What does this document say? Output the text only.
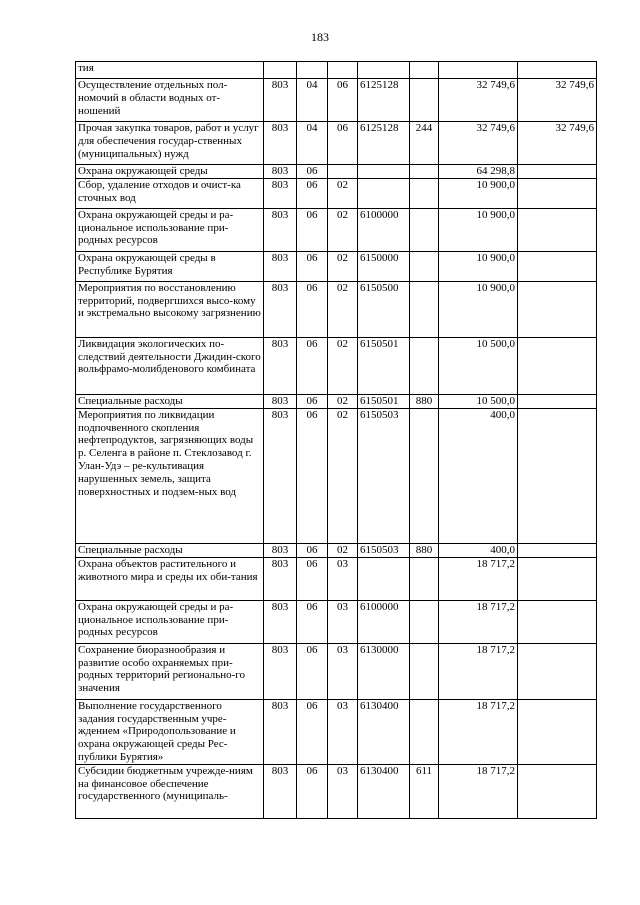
183
тия							
Осуществление отдельных пол-номочий в области водных от-ношений	803	04	06	6125128		32 749,6	32 749,6
Прочая закупка товаров, работ и услуг для обеспечения государ-ственных (муниципальных) нужд	803	04	06	6125128	244	32 749,6	32 749,6
Охрана окружающей среды	803	06				64 298,8	
Сбор, удаление отходов и очист-ка сточных вод	803	06	02			10 900,0	
Охрана окружающей среды и ра-циональное использование при-родных ресурсов	803	06	02	6100000		10 900,0	
Охрана окружающей среды в Республике Бурятия	803	06	02	6150000		10 900,0	
Мероприятия по восстановлению территорий, подвергшихся высо-кому и экстремально высокому загрязнению	803	06	02	6150500		10 900,0	
Ликвидация экологических по-следствий деятельности Джидин-ского вольфрамо-молибденового комбината	803	06	02	6150501		10 500,0	
Специальные расходы	803	06	02	6150501	880	10 500,0	
Мероприятия по ликвидации подпочвенного скопления нефтепродуктов, загрязняющих воды р. Селенга в районе п. Стеклозавод г. Улан-Удэ – ре-культивация нарушенных земель, защита поверхностных и подзем-ных вод	803	06	02	6150503		400,0	
Специальные расходы	803	06	02	6150503	880	400,0	
Охрана объектов растительного и животного мира и среды их оби-тания	803	06	03			18 717,2	
Охрана окружающей среды и ра-циональное использование при-родных ресурсов	803	06	03	6100000		18 717,2	
Сохранение биоразнообразия и развитие особо охраняемых при-родных территорий регионально-го значения	803	06	03	6130000		18 717,2	
Выполнение государственного задания государственным учре-ждением «Природопользование и охрана окружающей среды Рес-публики Бурятия»	803	06	03	6130400		18 717,2	
Субсидии бюджетным учрежде-ниям на финансовое обеспечение государственного (муниципаль-	803	06	03	6130400	611	18 717,2	
